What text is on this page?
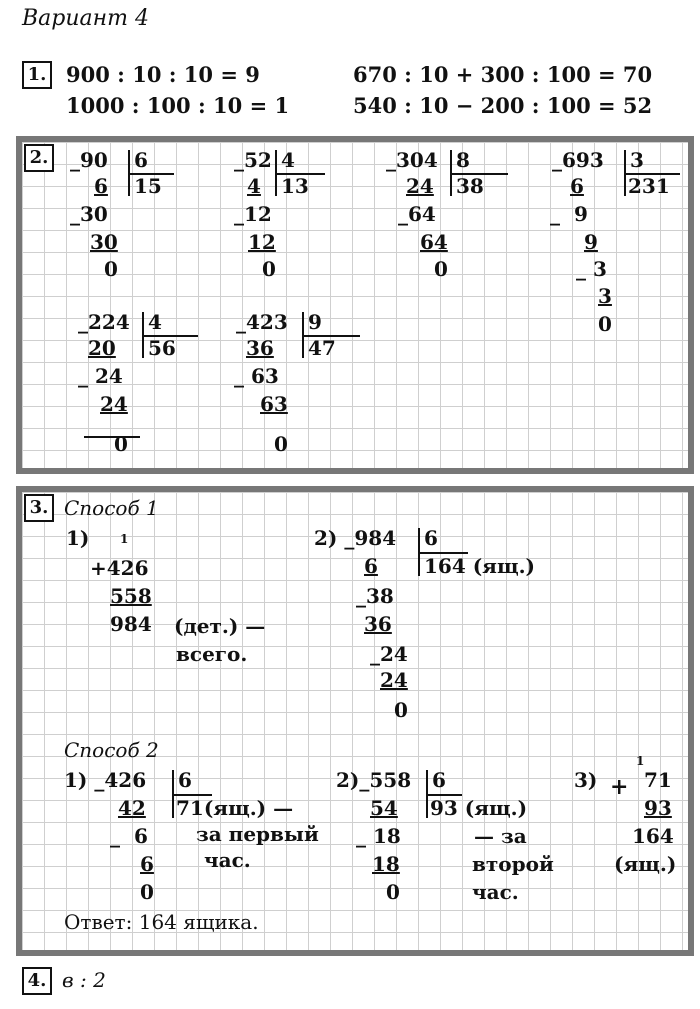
Вариант 4
1. 900 : 10 : 10 = 9	670 : 10 + 300 : 100 = 70
1000 : 100 : 10 = 1	540 : 10 − 200 : 100 = 52
2. _90 6
15
6
_30
30
0
_52 4
13
4
_12
12
0
_304 8
38
24
_64
64
0
_693 3
231
6
_  9
9
_ 3
3
0
_224 4
56
20
_ 24
24
0
_423 9
47
36
_ 63
63
0
3. Способ 1
1)	1
+426
558
984 (дет.) —
всего.
2) _984 6
164 (ящ.)
6
_38
36
_24
24
0
Способ 2
1) _426 6
71(ящ.) —
42
за первый
час.
_  6
6
0
2)_558 6
93 (ящ.)
54
_ 18
18
0
— за
второй
час.
3) +
1
71
93
164
(ящ.)
Ответ: 164 ящика.
4. в : 2
